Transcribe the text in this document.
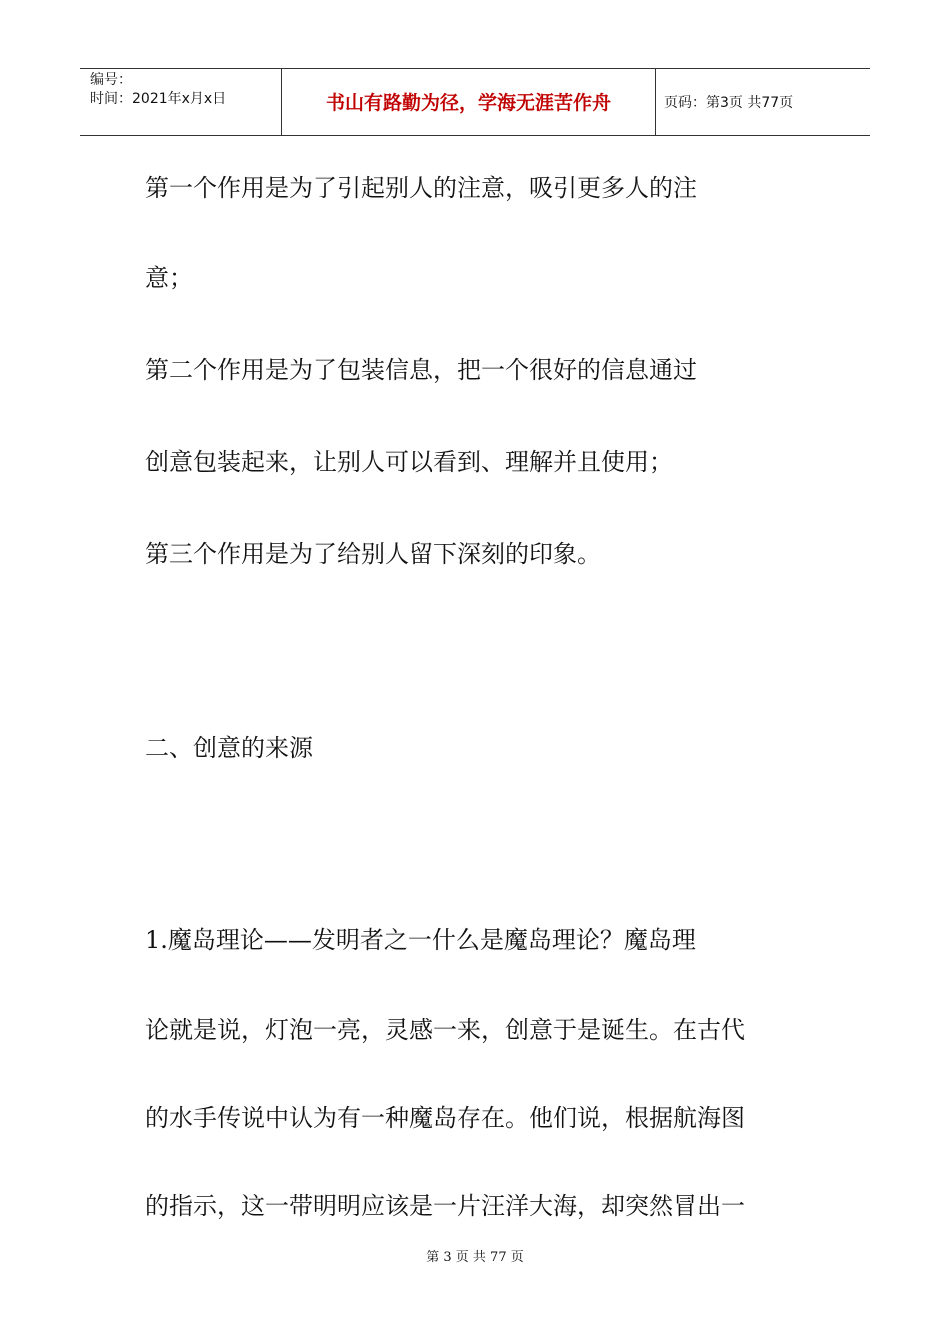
编号：
时间：2021年x月x日	书山有路勤为径，学海无涯苦作舟	页码：第3页 共77页
第一个作用是为了引起别人的注意，吸引更多人的注
意；
第二个作用是为了包装信息，把一个很好的信息通过
创意包装起来，让别人可以看到、理解并且使用；
第三个作用是为了给别人留下深刻的印象。
二、创意的来源
1.魔岛理论——发明者之一什么是魔岛理论？魔岛理
论就是说，灯泡一亮，灵感一来，创意于是诞生。在古代
的水手传说中认为有一种魔岛存在。他们说，根据航海图
的指示，这一带明明应该是一片汪洋大海，却突然冒出一
第 3 页 共 77 页
